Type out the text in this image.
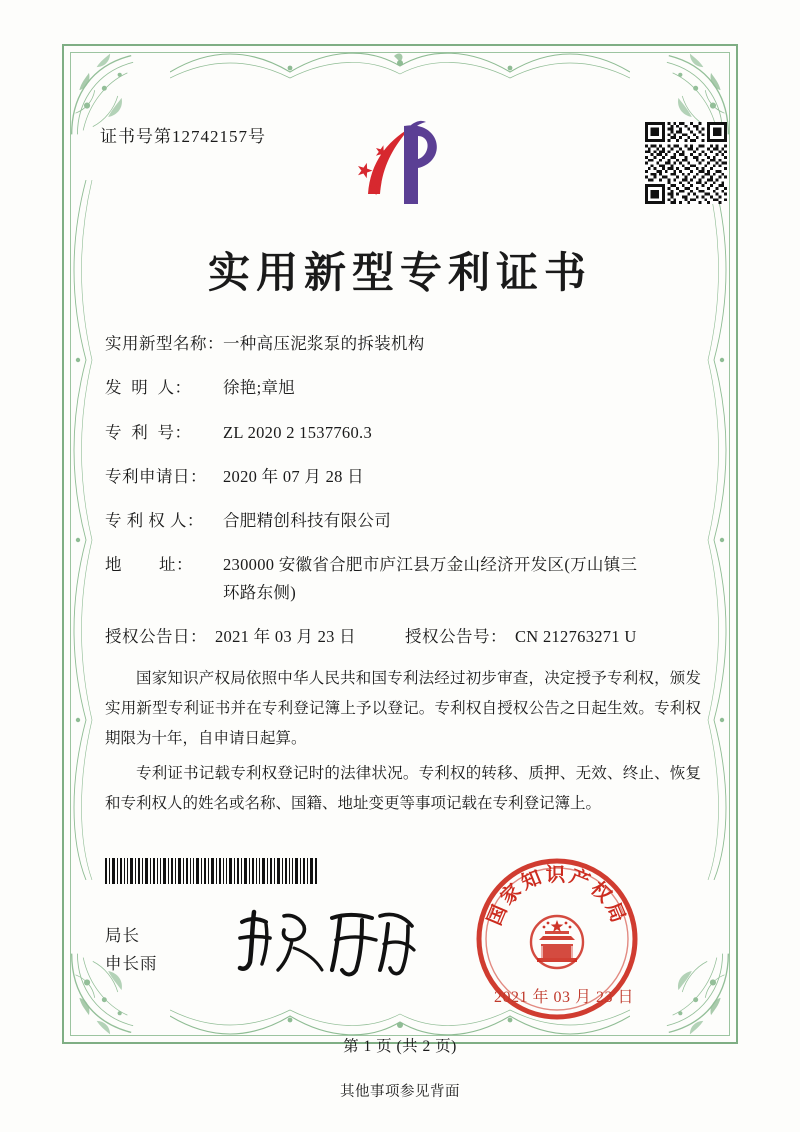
证书号第12742157号
实用新型专利证书
实用新型名称： 一种高压泥浆泵的拆装机构
发  明  人：	徐艳;章旭
专  利  号：	ZL 2020 2 1537760.3
专利申请日： 2020 年 07 月 28 日
专 利 权 人：	合肥精创科技有限公司
地        址：	230000 安徽省合肥市庐江县万金山经济开发区(万山镇三
环路东侧)
授权公告日： 2021 年 03 月 23 日	授权公告号： CN 212763271 U

国家知识产权局依照中华人民共和国专利法经过初步审查，决定授予专利权，颁发实用新型专利证书并在专利登记簿上予以登记。专利权自授权公告之日起生效。专利权期限为十年，自申请日起算。

专利证书记载专利权登记时的法律状况。专利权的转移、质押、无效、终止、恢复和专利权人的姓名或名称、国籍、地址变更等事项记载在专利登记簿上。

局长
申长雨
国家知识产权局
2021 年 03 月 23 日
第 1 页 (共 2 页)
其他事项参见背面
